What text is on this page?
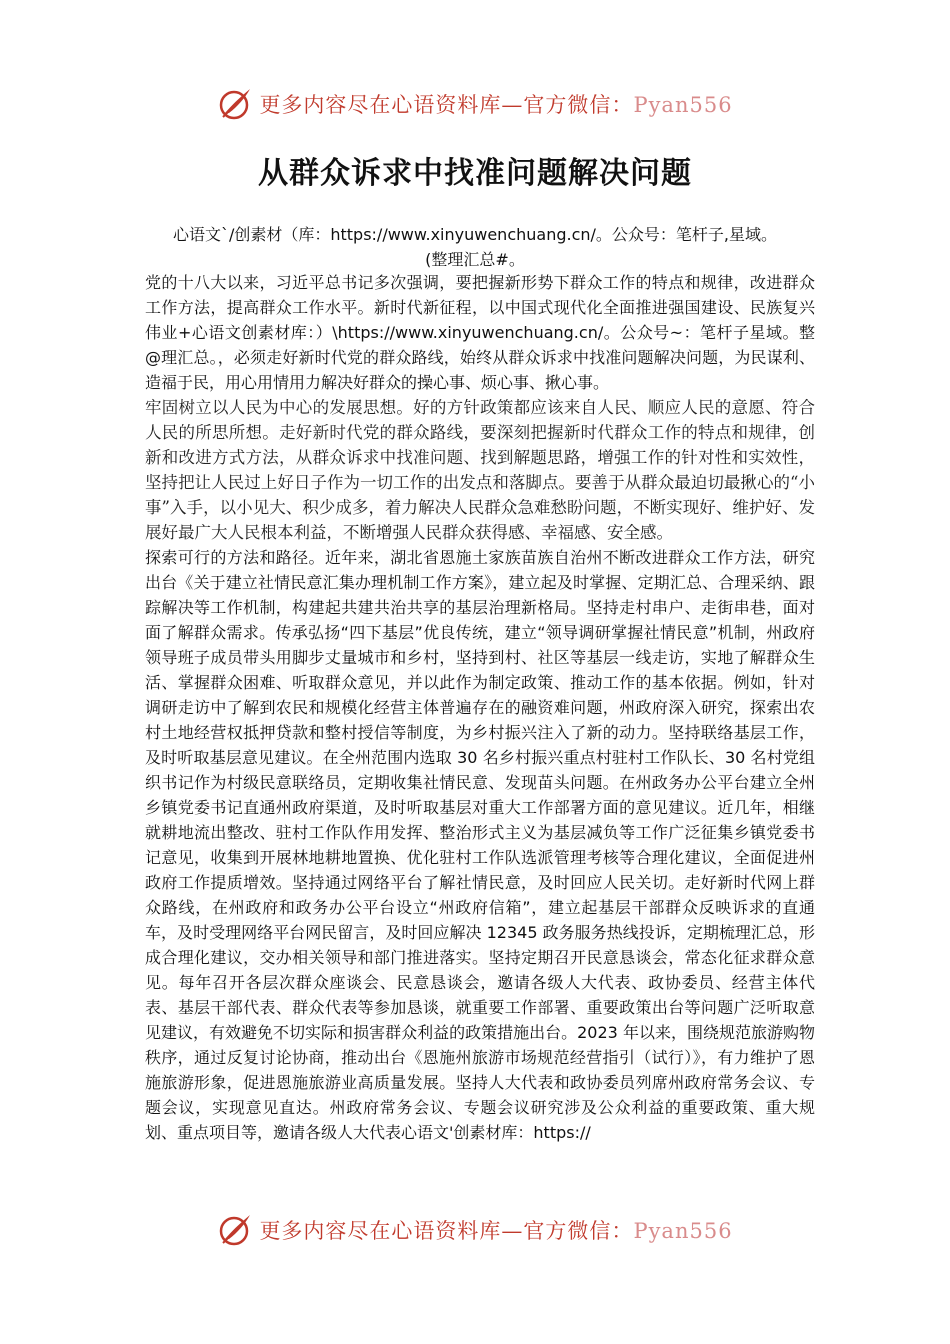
更多内容尽在心语资料库—官方微信：Pyan556
从群众诉求中找准问题解决问题
心语文`/创素材（库：https://www.xinyuwenchuang.cn/。公众号：笔杆子,星域。
(整理汇总#。

党的十八大以来，习近平总书记多次强调，要把握新形势下群众工作的特点和规律，改进群众工作方法，提高群众工作水平。新时代新征程，以中国式现代化全面推进强国建设、民族复兴伟业+心语文创素材库：）\https://www.xinyuwenchuang.cn/。公众号~：笔杆子星域。整@理汇总。，必须走好新时代党的群众路线，始终从群众诉求中找准问题解决问题，为民谋利、造福于民，用心用情用力解决好群众的操心事、烦心事、揪心事。

牢固树立以人民为中心的发展思想。好的方针政策都应该来自人民、顺应人民的意愿、符合人民的所思所想。走好新时代党的群众路线，要深刻把握新时代群众工作的特点和规律，创新和改进方式方法，从群众诉求中找准问题、找到解题思路，增强工作的针对性和实效性，坚持把让人民过上好日子作为一切工作的出发点和落脚点。要善于从群众最迫切最揪心的“小事”入手，以小见大、积少成多，着力解决人民群众急难愁盼问题，不断实现好、维护好、发展好最广大人民根本利益，不断增强人民群众获得感、幸福感、安全感。

探索可行的方法和路径。近年来，湖北省恩施土家族苗族自治州不断改进群众工作方法，研究出台《关于建立社情民意汇集办理机制工作方案》，建立起及时掌握、定期汇总、合理采纳、跟踪解决等工作机制，构建起共建共治共享的基层治理新格局。坚持走村串户、走街串巷，面对面了解群众需求。传承弘扬“四下基层”优良传统，建立“领导调研掌握社情民意”机制，州政府领导班子成员带头用脚步丈量城市和乡村，坚持到村、社区等基层一线走访，实地了解群众生活、掌握群众困难、听取群众意见，并以此作为制定政策、推动工作的基本依据。例如，针对调研走访中了解到农民和规模化经营主体普遍存在的融资难问题，州政府深入研究，探索出农村土地经营权抵押贷款和整村授信等制度，为乡村振兴注入了新的动力。坚持联络基层工作，及时听取基层意见建议。在全州范围内选取 30 名乡村振兴重点村驻村工作队长、30 名村党组织书记作为村级民意联络员，定期收集社情民意、发现苗头问题。在州政务办公平台建立全州乡镇党委书记直通州政府渠道，及时听取基层对重大工作部署方面的意见建议。近几年，相继就耕地流出整改、驻村工作队作用发挥、整治形式主义为基层减负等工作广泛征集乡镇党委书记意见，收集到开展林地耕地置换、优化驻村工作队选派管理考核等合理化建议，全面促进州政府工作提质增效。坚持通过网络平台了解社情民意，及时回应人民关切。走好新时代网上群众路线，在州政府和政务办公平台设立“州政府信箱”，建立起基层干部群众反映诉求的直通车，及时受理网络平台网民留言，及时回应解决 12345 政务服务热线投诉，定期梳理汇总，形成合理化建议，交办相关领导和部门推进落实。坚持定期召开民意恳谈会，常态化征求群众意见。每年召开各层次群众座谈会、民意恳谈会，邀请各级人大代表、政协委员、经营主体代表、基层干部代表、群众代表等参加恳谈，就重要工作部署、重要政策出台等问题广泛听取意见建议，有效避免不切实际和损害群众利益的政策措施出台。2023 年以来，围绕规范旅游购物秩序，通过反复讨论协商，推动出台《恩施州旅游市场规范经营指引（试行）》，有力维护了恩施旅游形象，促进恩施旅游业高质量发展。坚持人大代表和政协委员列席州政府常务会议、专题会议，实现意见直达。州政府常务会议、专题会议研究涉及公众利益的重要政策、重大规划、重点项目等，邀请各级人大代表心语文'创素材库：https://

更多内容尽在心语资料库—官方微信：Pyan556
